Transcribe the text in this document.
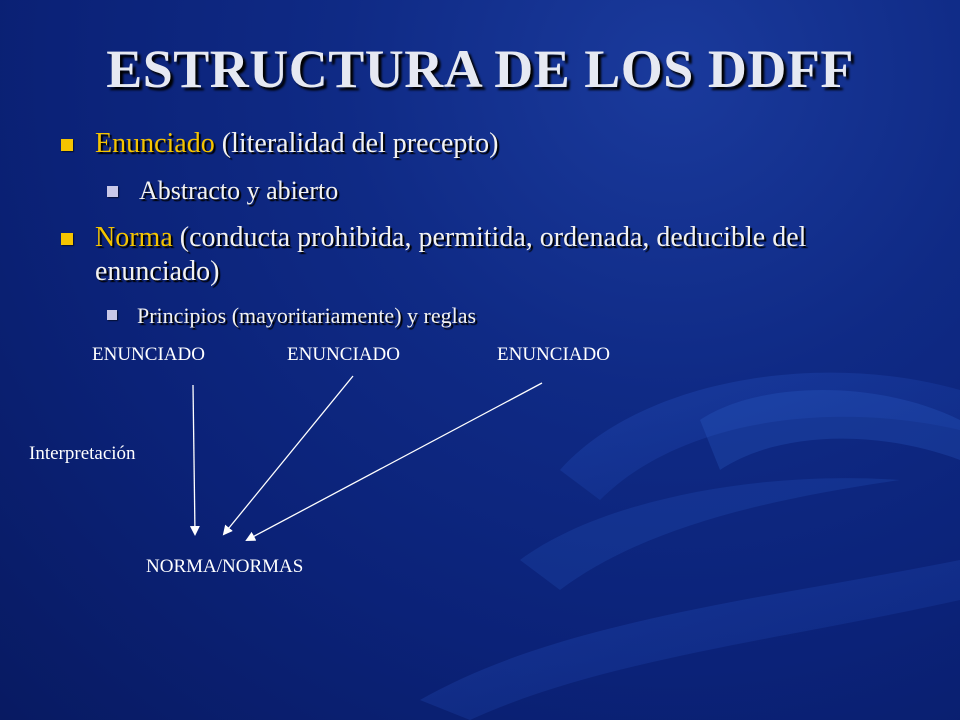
ESTRUCTURA DE LOS DDFF
Enunciado (literalidad del precepto)
Abstracto y abierto
Norma (conducta prohibida, permitida, ordenada, deducible del
enunciado)
Principios (mayoritariamente) y reglas
ENUNCIADO	ENUNCIADO	ENUNCIADO
Interpretación
NORMA/NORMAS
